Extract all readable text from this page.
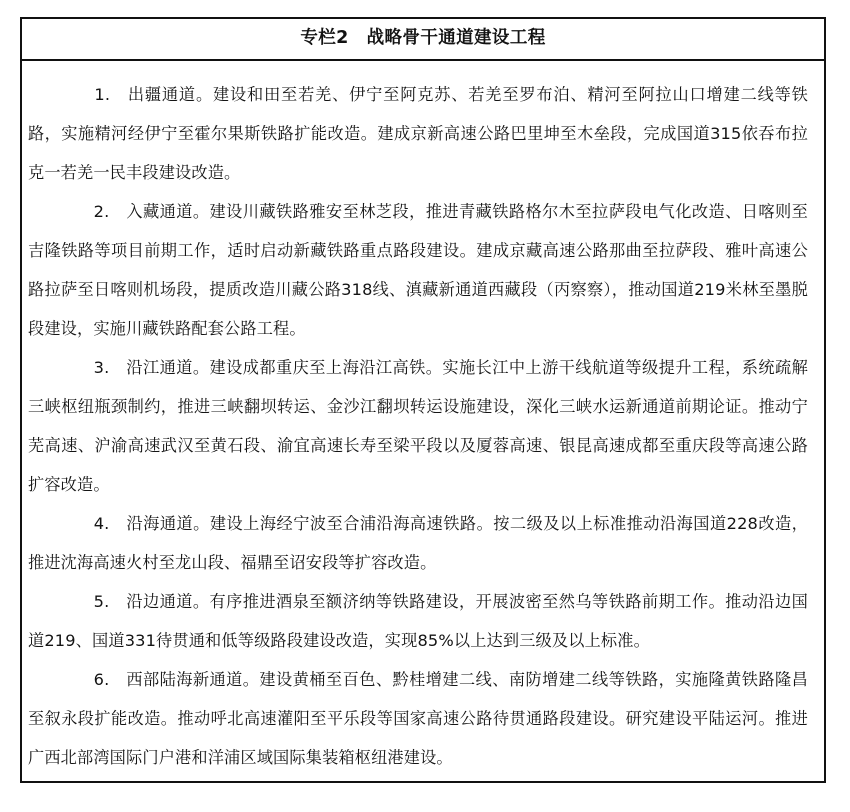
专栏2　战略骨干通道建设工程

　　1.　出疆通道。建设和田至若羌、伊宁至阿克苏、若羌至罗布泊、精河至阿拉山口增建二线等铁路，实施精河经伊宁至霍尔果斯铁路扩能改造。建成京新高速公路巴里坤至木垒段，完成国道315依吞布拉克一若羌一民丰段建设改造。

　　2.　入藏通道。建设川藏铁路雅安至林芝段，推进青藏铁路格尔木至拉萨段电气化改造、日喀则至吉隆铁路等项目前期工作，适时启动新藏铁路重点路段建设。建成京藏高速公路那曲至拉萨段、雅叶高速公路拉萨至日喀则机场段，提质改造川藏公路318线、滇藏新通道西藏段（丙察察），推动国道219米林至墨脱段建设，实施川藏铁路配套公路工程。

　　3.　沿江通道。建设成都重庆至上海沿江高铁。实施长江中上游干线航道等级提升工程，系统疏解三峡枢纽瓶颈制约，推进三峡翻坝转运、金沙江翻坝转运设施建设，深化三峡水运新通道前期论证。推动宁芜高速、沪渝高速武汉至黄石段、渝宜高速长寿至梁平段以及厦蓉高速、银昆高速成都至重庆段等高速公路扩容改造。

　　4.　沿海通道。建设上海经宁波至合浦沿海高速铁路。按二级及以上标准推动沿海国道228改造，推进沈海高速火村至龙山段、福鼎至诏安段等扩容改造。

　　5.　沿边通道。有序推进酒泉至额济纳等铁路建设，开展波密至然乌等铁路前期工作。推动沿边国道219、国道331待贯通和低等级路段建设改造，实现85%以上达到三级及以上标准。

　　6.　西部陆海新通道。建设黄桶至百色、黔桂增建二线、南防增建二线等铁路，实施隆黄铁路隆昌至叙永段扩能改造。推动呼北高速灌阳至平乐段等国家高速公路待贯通路段建设。研究建设平陆运河。推进广西北部湾国际门户港和洋浦区域国际集装箱枢纽港建设。
